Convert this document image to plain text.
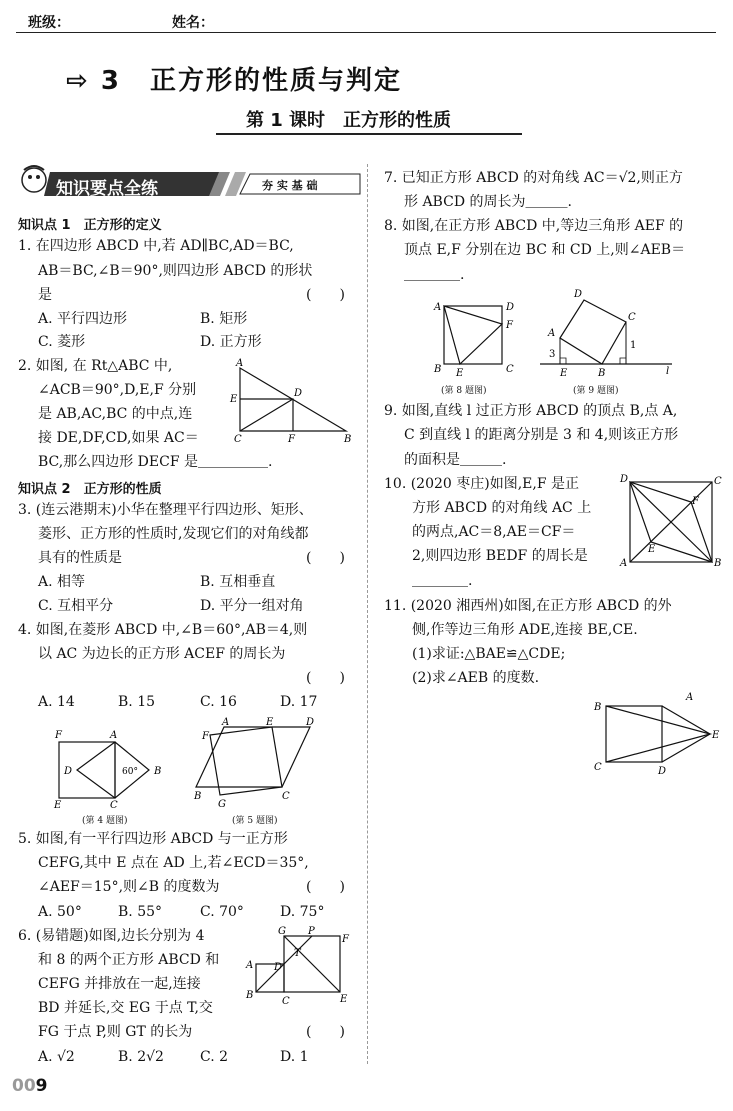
班级：	姓名：
⇨ 3 正方形的性质与判定
第 1 课时　正方形的性质
知识要点全练	夯 实 基 础
知识点 1　正方形的定义
1. 在四边形 ABCD 中,若 AD∥BC,AD＝BC,
AB＝BC,∠B＝90°,则四边形 ABCD 的形状
是	(　　)
A. 平行四边形	B. 矩形
C. 菱形	D. 正方形
2. 如图, 在 Rt△ABC 中,
∠ACB＝90°,D,E,F 分别
是 AB,AC,BC 的中点,连
接 DE,DF,CD,如果 AC＝
BC,那么四边形 DECF 是＿＿＿＿＿.
A
D
E
C	F	B
知识点 2　正方形的性质
3. (连云港期末)小华在整理平行四边形、矩形、
菱形、正方形的性质时,发现它们的对角线都
具有的性质是	(　　)
A. 相等	B. 互相垂直
C. 互相平分	D. 平分一组对角
4. 如图,在菱形 ABCD 中,∠B＝60°,AB＝4,则
以 AC 为边长的正方形 ACEF 的周长为
(　　)
A. 14	B. 15	C. 16	D. 17
F	A
D	60° B
E	C
(第 4 题图)
A	E	D
F
B	C
G
(第 5 题图)
5. 如图,有一平行四边形 ABCD 与一正方形
CEFG,其中 E 点在 AD 上,若∠ECD＝35°,
∠AEF＝15°,则∠B 的度数为	(　　)
A. 50°	B. 55°	C. 70°	D. 75°
6. (易错题)如图,边长分别为 4
和 8 的两个正方形 ABCD 和
CEFG 并排放在一起,连接
BD 并延长,交 EG 于点 T,交
FG 于点 P,则 GT 的长为	(　　)
A. √2	B. 2√2	C. 2	D. 1
G P
F
T
A D
B
C	E
7. 已知正方形 ABCD 的对角线 AC＝√2,则正方
形 ABCD 的周长为＿＿＿.
8. 如图,在正方形 ABCD 中,等边三角形 AEF 的
顶点 E,F 分别在边 BC 和 CD 上,则∠AEB＝
＿＿＿＿.
A	D
F
B E	C
(第 8 题图)
D
C
A
3
1
E	B	l
(第 9 题图)
9. 如图,直线 l 过正方形 ABCD 的顶点 B,点 A,
C 到直线 l 的距离分别是 3 和 4,则该正方形
的面积是＿＿＿.
10. (2020 枣庄)如图,E,F 是正
方形 ABCD 的对角线 AC 上
的两点,AC＝8,AE＝CF＝
2,则四边形 BEDF 的周长是
＿＿＿＿.
D	C
F
E
A	B
11. (2020 湘西州)如图,在正方形 ABCD 的外
侧,作等边三角形 ADE,连接 BE,CE.
(1)求证:△BAE≌△CDE;
(2)求∠AEB 的度数.
B
A
E
C	D
009
